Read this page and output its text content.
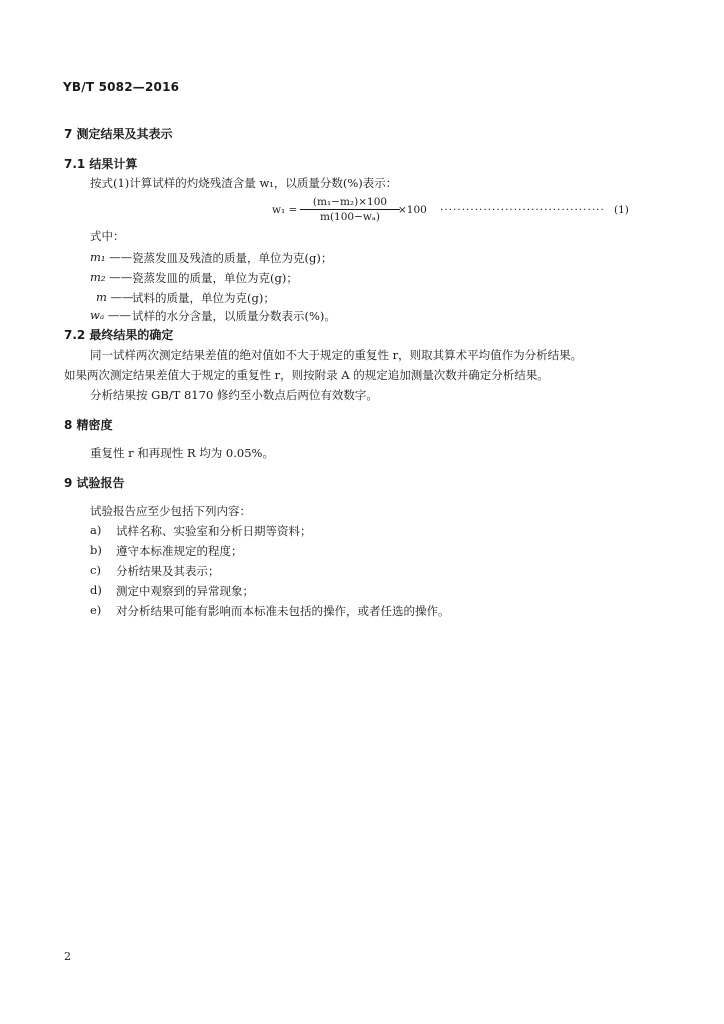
YB/T 5082—2016
7 测定结果及其表示
7.1 结果计算
按式(1)计算试样的灼烧残渣含量 w₁，以质量分数(%)表示：
$w_1 = \frac{\text{(m₁−m₂)×100}}{\text{m(100−wₐ)}}$
×100 ······································ (1)
式中：
m₁ —— 瓷蒸发皿及残渣的质量，单位为克(g)；
m₂ —— 瓷蒸发皿的质量，单位为克(g)；
m ——
试料的质量，单位为克(g)；
wₐ —— 试样的水分含量，以质量分数表示(%)。
7.2 最终结果的确定
同一试样两次测定结果差值的绝对值如不大于规定的重复性 r，则取其算术平均值作为分析结果。
如果两次测定结果差值大于规定的重复性 r，则按附录 A 的规定追加测量次数并确定分析结果。
分析结果按 GB/T 8170 修约至小数点后两位有效数字。
8 精密度
重复性 r 和再现性 R 均为 0.05%。
9 试验报告
试验报告应至少包括下列内容：
a) 试样名称、实验室和分析日期等资料；
b) 遵守本标准规定的程度；
c) 分析结果及其表示；
d) 测定中观察到的异常现象；
e) 对分析结果可能有影响而本标准未包括的操作，或者任选的操作。
2
